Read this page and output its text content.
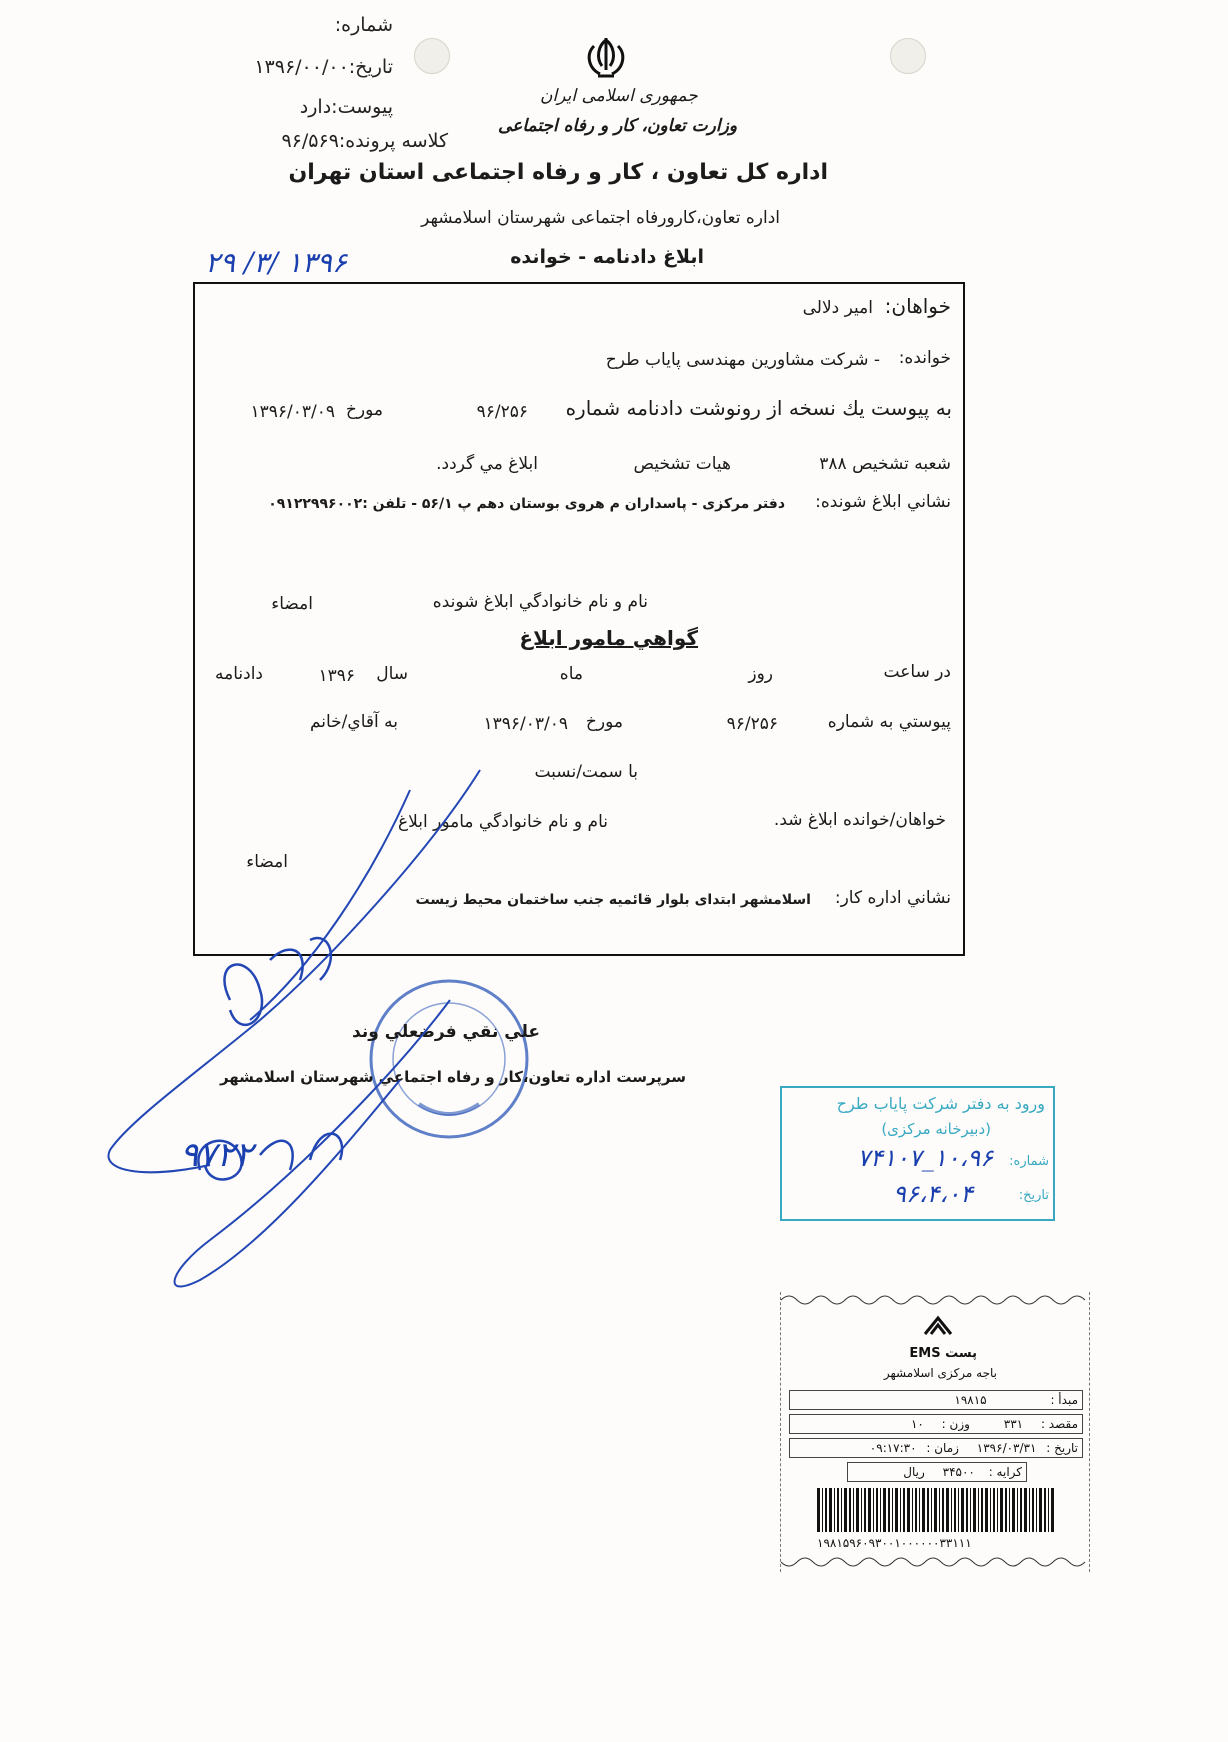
شماره:
تاریخ:۱۳۹۶/۰۰/۰۰
پیوست:دارد
کلاسه پرونده:۹۶/۵۶۹
جمهوری اسلامی ایران
وزارت تعاون، کار و رفاه اجتماعی
اداره کل تعاون ، کار و رفاه اجتماعی استان تهران
اداره تعاون،کارورفاه اجتماعی شهرستان اسلامشهر
ابلاغ دادنامه - خوانده
۱۳۹۶ /۳/ ۲۹
خواهان:
امیر دلالی
خوانده:
- شرکت مشاورین مهندسی پایاب طرح
به پیوست يك نسخه از رونوشت دادنامه شماره
۹۶/۲۵۶
مورخ
۱۳۹۶/۰۳/۰۹
شعبه تشخیص ۳۸۸
هیات تشخیص
ابلاغ مي گردد.
نشاني ابلاغ شونده:
دفتر مرکزی - پاسداران م هروی بوستان دهم پ ۵۶/۱ - تلفن :۰۹۱۲۲۹۹۶۰۰۲
نام و نام خانوادگي ابلاغ شونده
امضاء
گواهي مامور ابلاغ
در ساعت
روز
ماه
سال
۱۳۹۶
دادنامه
پیوستي به شماره
۹۶/۲۵۶
مورخ
۱۳۹۶/۰۳/۰۹
به آقاي/خانم
با سمت/نسبت
خواهان/خوانده ابلاغ شد.
نام و نام خانوادگي مامور ابلاغ
امضاء
نشاني اداره كار:
اسلامشهر ابتدای بلوار قائمیه جنب ساختمان محیط زیست
علي نقي فرضعلي وند
سرپرست اداره تعاون،كار و رفاه اجتماعي شهرستان اسلامشهر
۹۷۲۲
ورود به دفتر شرکت پایاب طرح
(دبیرخانه مرکزی)
شماره:
۱۰،۹۶_۷۴۱۰۷
تاریخ:
۹۶،۴،۰۴
پست EMS
باجه مرکزی اسلامشهر
مبدأ : ۱۹۸۱۵
مقصد : ۳۳۱ وزن : ۱۰
تاریخ : ۱۳۹۶/۰۳/۳۱ زمان : ۰۹:۱۷:۳۰
کرایه : ۳۴۵۰۰ ریال
۱۹۸۱۵۹۶۰۹۳۰۰۱۰۰۰۰۰۰۳۳۱۱۱
